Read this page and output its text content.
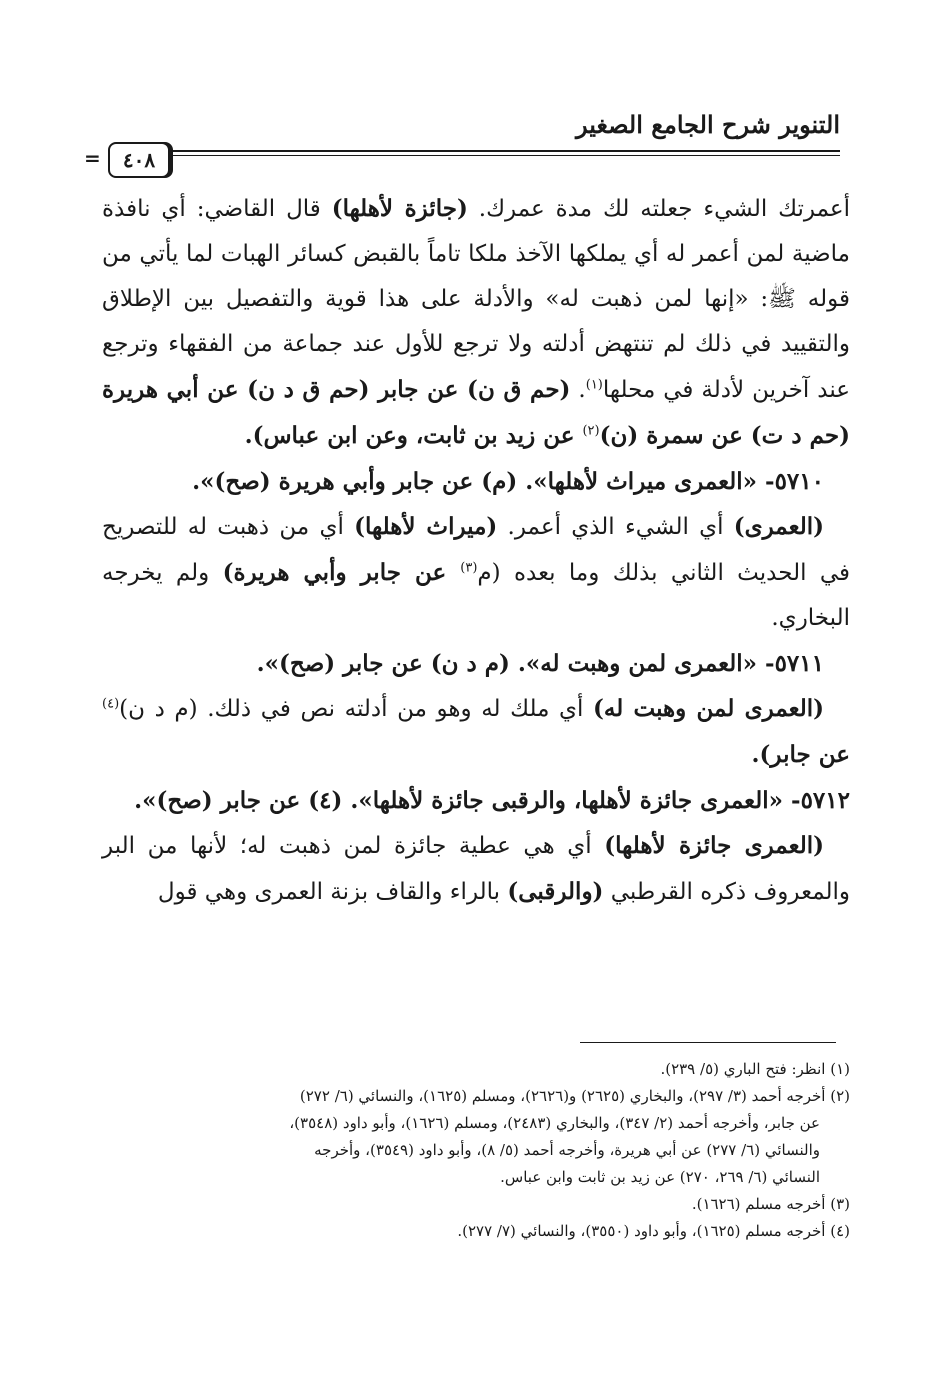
التنوير شرح الجامع الصغير
٤٠٨
=

أعمرتك الشيء جعلته لك مدة عمرك. (جائزة لأهلها) قال القاضي: أي نافذة ماضية لمن أعمر له أي يملكها الآخذ ملكا تاماً بالقبض كسائر الهبات لما يأتي من قوله ﷺ: «إنها لمن ذهبت له» والأدلة على هذا قوية والتفصيل بين الإطلاق والتقييد في ذلك لم تنتهض أدلته ولا ترجع للأول عند جماعة من الفقهاء وترجع عند آخرين لأدلة في محلها$^{(١)}$. (حم ق ن) عن جابر (حم ق د ن) عن أبي هريرة (حم د ت) عن سمرة (ن)$^{(٢)}$ عن زيد بن ثابت، وعن ابن عباس).

٥٧١٠- «العمرى ميراث لأهلها». (م) عن جابر وأبي هريرة (صح)».

(العمرى) أي الشيء الذي أعمر. (ميراث لأهلها) أي من ذهبت له للتصريح في الحديث الثاني بذلك وما بعده (م$^{(٣)}$ عن جابر وأبي هريرة) ولم يخرجه البخاري.

٥٧١١- «العمرى لمن وهبت له». (م د ن) عن جابر (صح)».

(العمرى لمن وهبت له) أي ملك له وهو من أدلته نص في ذلك. (م د ن)$^{(٤)}$ عن جابر).

٥٧١٢- «العمرى جائزة لأهلها، والرقبى جائزة لأهلها». (٤) عن جابر (صح)».

(العمرى جائزة لأهلها) أي هي عطية جائزة لمن ذهبت له؛ لأنها من البر والمعروف ذكره القرطبي (والرقبى) بالراء والقاف بزنة العمرى وهي قول

(١) انظر: فتح الباري (٥/ ٢٣٩).

(٢) أخرجه أحمد (٣/ ٢٩٧)، والبخاري (٢٦٢٥) و(٢٦٢٦)، ومسلم (١٦٢٥)، والنسائي (٦/ ٢٧٢)

عن جابر، وأخرجه أحمد (٢/ ٣٤٧)، والبخاري (٢٤٨٣)، ومسلم (١٦٢٦)، وأبو داود (٣٥٤٨)،

والنسائي (٦/ ٢٧٧) عن أبي هريرة، وأخرجه أحمد (٥/ ٨)، وأبو داود (٣٥٤٩)، وأخرجه

النسائي (٦/ ٢٦٩، ٢٧٠) عن زيد بن ثابت وابن عباس.

(٣) أخرجه مسلم (١٦٢٦).

(٤) أخرجه مسلم (١٦٢٥)، وأبو داود (٣٥٥٠)، والنسائي (٧/ ٢٧٧).
